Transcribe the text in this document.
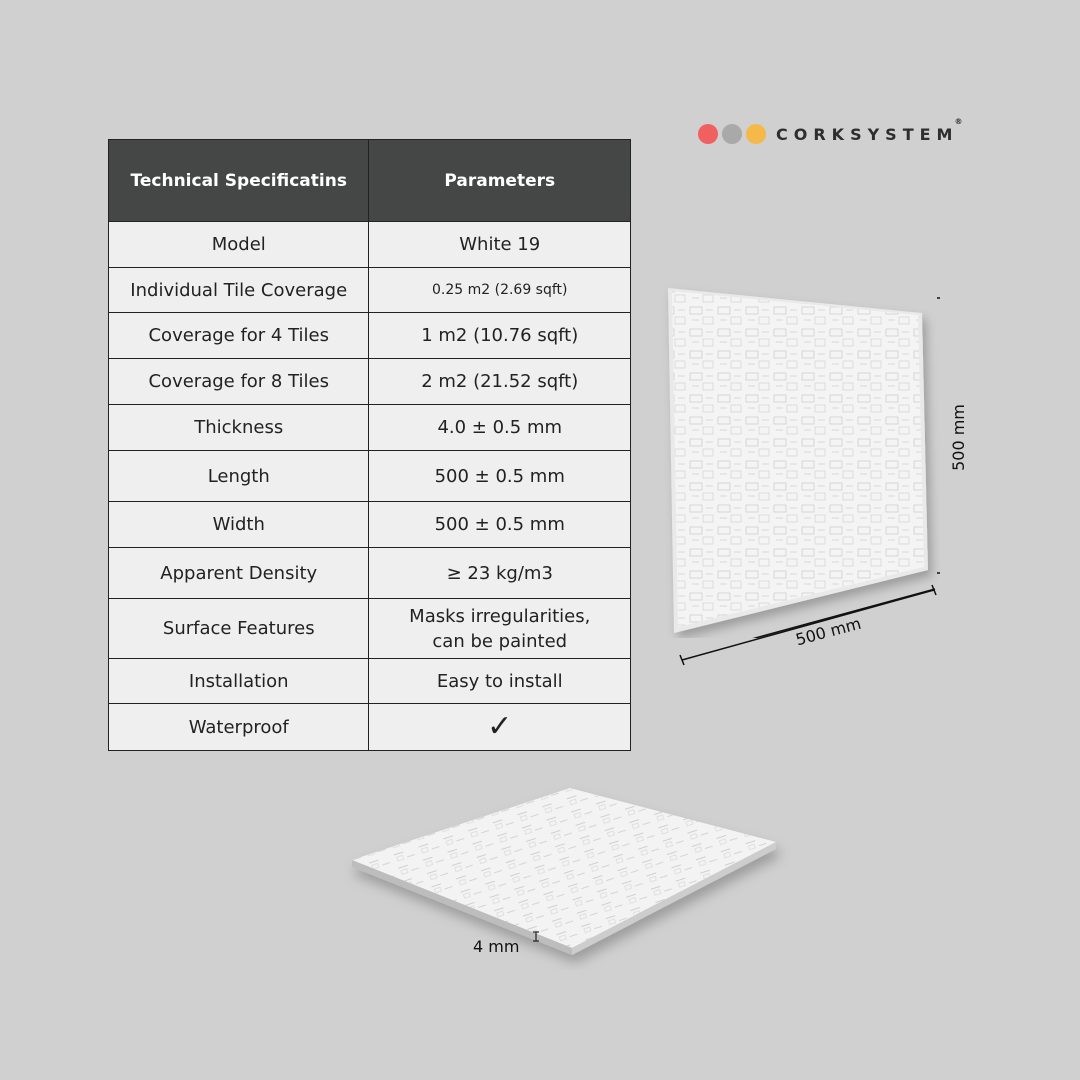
CORKSYSTEM
®
Technical Specificatins	Parameters
Model	White 19
Individual Tile Coverage	0.25 m2 (2.69 sqft)
Coverage for 4 Tiles	1 m2 (10.76 sqft)
Coverage for 8 Tiles	2 m2 (21.52 sqft)
Thickness	4.0 ± 0.5 mm
Length	500 ± 0.5 mm
Width	500 ± 0.5 mm
Apparent Density	≥ 23 kg/m3
Surface Features	Masks irregularities,
can be painted

Installation	Easy to install
Waterproof	✓
500 mm
500 mm
4 mm
